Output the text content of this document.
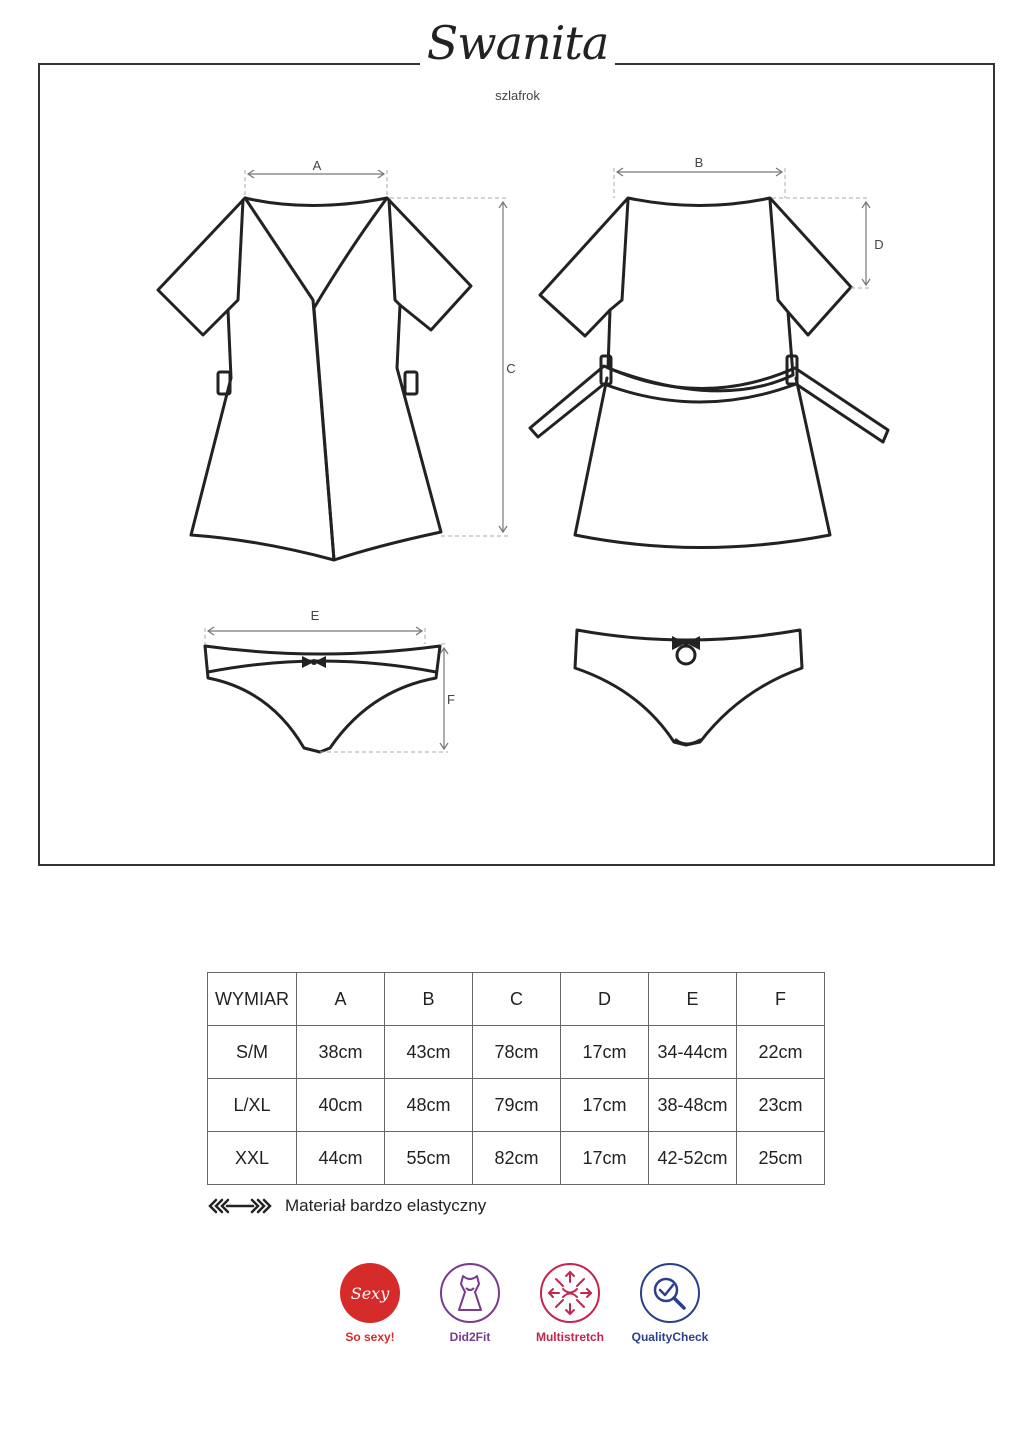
Swanita
szlafrok
A	B
C
D
E
F
WYMIAR	A	B	C	D	E	F
S/M	38cm	43cm	78cm	17cm	34-44cm	22cm
L/XL	40cm	48cm	79cm	17cm	38-48cm	23cm
XXL	44cm	55cm	82cm	17cm	42-52cm	25cm
Materiał bardzo elastyczny
Sexy
So sexy!	Did2Fit	Multistretch QualityCheck
